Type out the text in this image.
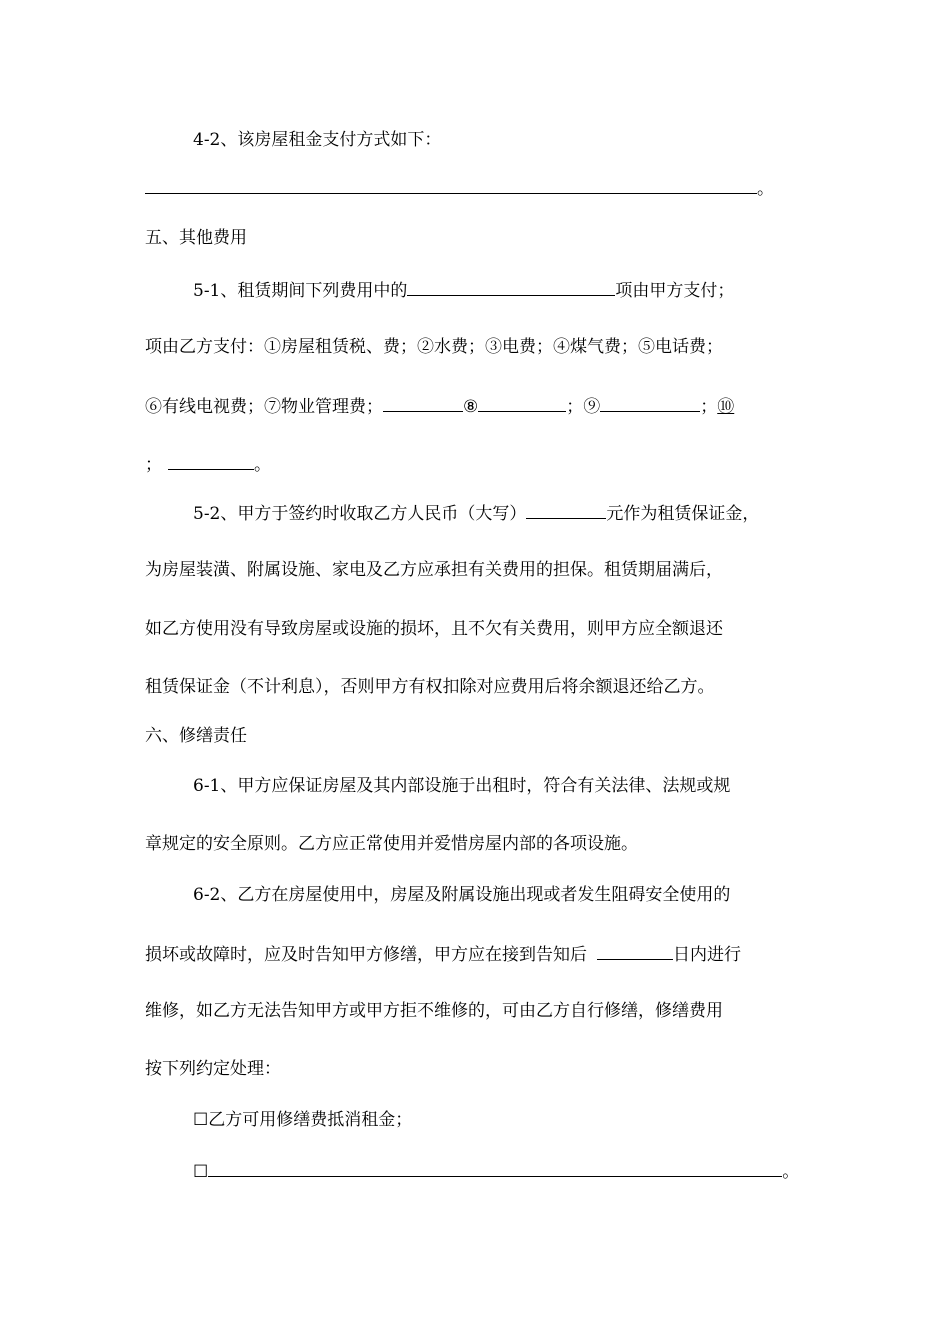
4-2、该房屋租金支付方式如下：
。
五、其他费用
5-1、租赁期间下列费用中的	项由甲方支付；
项由乙方支付：①房屋租赁税、费；②水费；③电费；④煤气费；⑤电话费；
⑥有线电视费；⑦物业管理费；	⑧	；⑨	；⑩
；	。
5-2、甲方于签约时收取乙方人民币（大写）	元作为租赁保证金，
为房屋装潢、附属设施、家电及乙方应承担有关费用的担保。租赁期届满后，
如乙方使用没有导致房屋或设施的损坏，且不欠有关费用，则甲方应全额退还
租赁保证金（不计利息），否则甲方有权扣除对应费用后将余额退还给乙方。
六、修缮责任
6-1、甲方应保证房屋及其内部设施于出租时，符合有关法律、法规或规
章规定的安全原则。乙方应正常使用并爱惜房屋内部的各项设施。
6-2、乙方在房屋使用中，房屋及附属设施出现或者发生阻碍安全使用的
损坏或故障时，应及时告知甲方修缮，甲方应在接到告知后	日内进行
维修，如乙方无法告知甲方或甲方拒不维修的，可由乙方自行修缮，修缮费用
按下列约定处理：
☐乙方可用修缮费抵消租金；
☐	。
